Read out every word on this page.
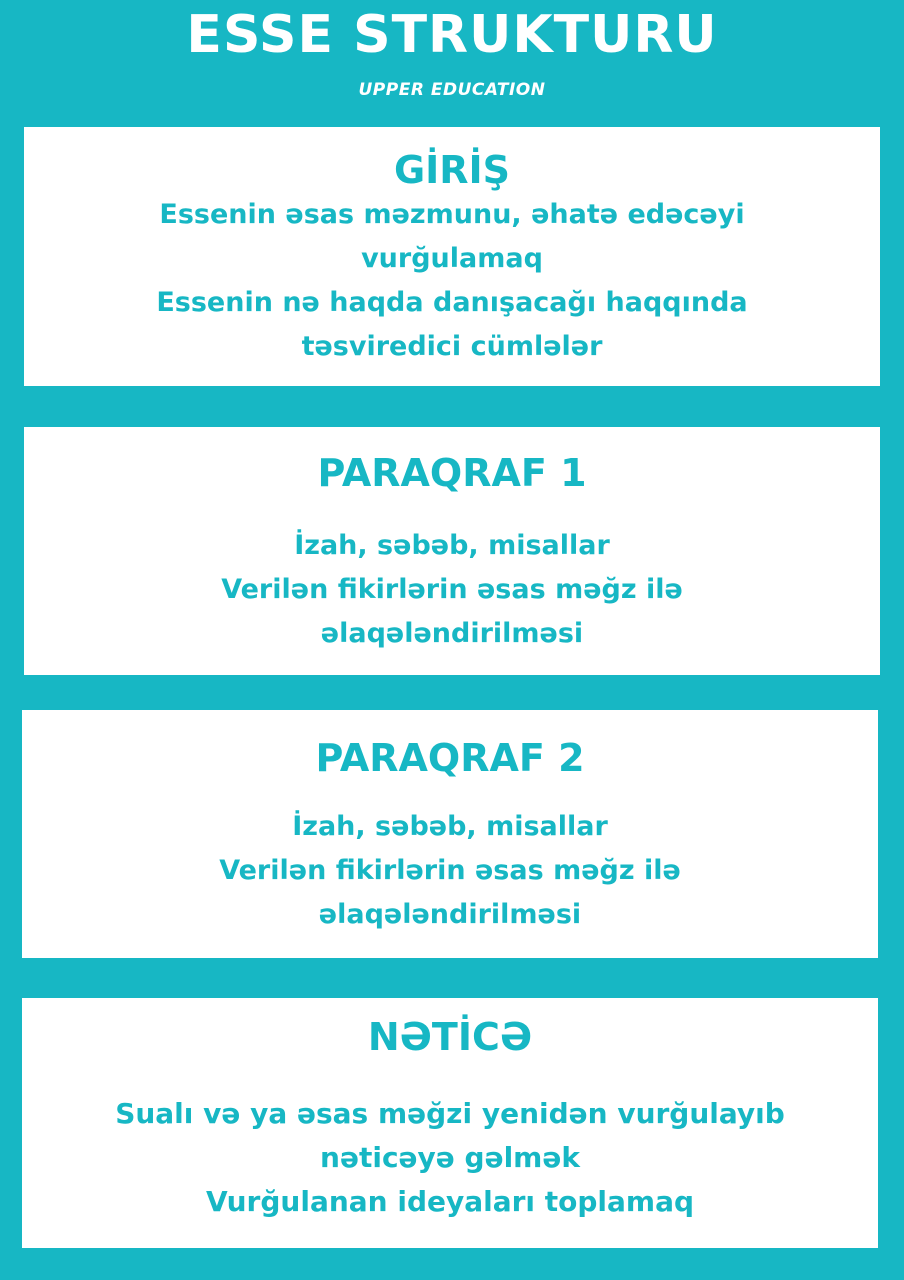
ESSE STRUKTURU
UPPER EDUCATION
GİRİŞ
Essenin əsas məzmunu, əhatə edəcəyi
vurğulamaq
Essenin nə haqda danışacağı haqqında
təsviredici cümlələr
PARAQRAF 1
İzah, səbəb, misallar
Verilən fikirlərin əsas məğz ilə
əlaqələndirilməsi
PARAQRAF 2
İzah, səbəb, misallar
Verilən fikirlərin əsas məğz ilə
əlaqələndirilməsi
NƏTİCƏ
Sualı və ya əsas məğzi yenidən vurğulayıb
nəticəyə gəlmək
Vurğulanan ideyaları toplamaq
